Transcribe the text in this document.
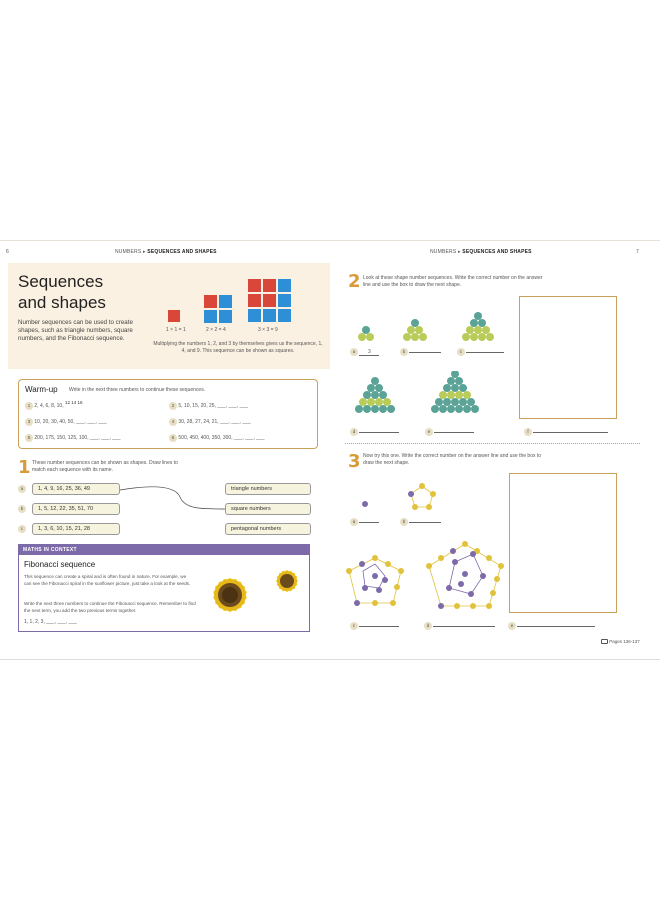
6	NUMBERS ▸ SEQUENCES AND SHAPES	NUMBERS ▸ SEQUENCES AND SHAPES	7
Sequences
and shapes
Number sequences can be used to create shapes, such as triangle numbers, square numbers, and the Fibonacci sequence.
1 × 1 = 1	2 × 2 = 4	3 × 3 = 9
Multiplying the numbers 1, 2, and 3 by themselves gives us the sequence, 1, 4, and 9. This sequence can be shown as squares.
Warm-up Write in the next three numbers to continue these sequences.
1 2, 4, 6, 8, 10, 12 14 16
2 5, 10, 15, 20, 25, ___, ___, ___
3 10, 20, 30, 40, 50, ___, ___, ___	4 30, 28, 27, 24, 21, ___, ___, ___
5 200, 175, 150, 125, 100, ___, ___, ___	6 500, 450, 400, 350, 300, ___, ___, ___
1 These number sequences can be shown as shapes. Draw lines to match each sequence with its name.
a	1, 4, 9, 16, 25, 36, 49	triangle numbers
b	1, 5, 12, 22, 35, 51, 70	square numbers
c	1, 3, 6, 10, 15, 21, 28	pentagonal numbers
MATHS IN CONTEXT
Fibonacci sequence
This sequence can create a spiral and is often found in nature. For example, we can see the Fibonacci spiral in the sunflower picture, just take a look at the seeds.
Write the next three numbers to continue the Fibonacci sequence. Remember to find the next term, you add the two previous terms together.
1, 1, 2, 3, ___, ___, ___
2 Look at these shape number sequences. Write the correct number on the answer line and use the box to draw the next shape.
a	3	b	c
d	e	f
3 Now try this one. Write the correct number on the answer line and use the box to draw the next shape.
a	b
c	d	e
Pages 136-137
